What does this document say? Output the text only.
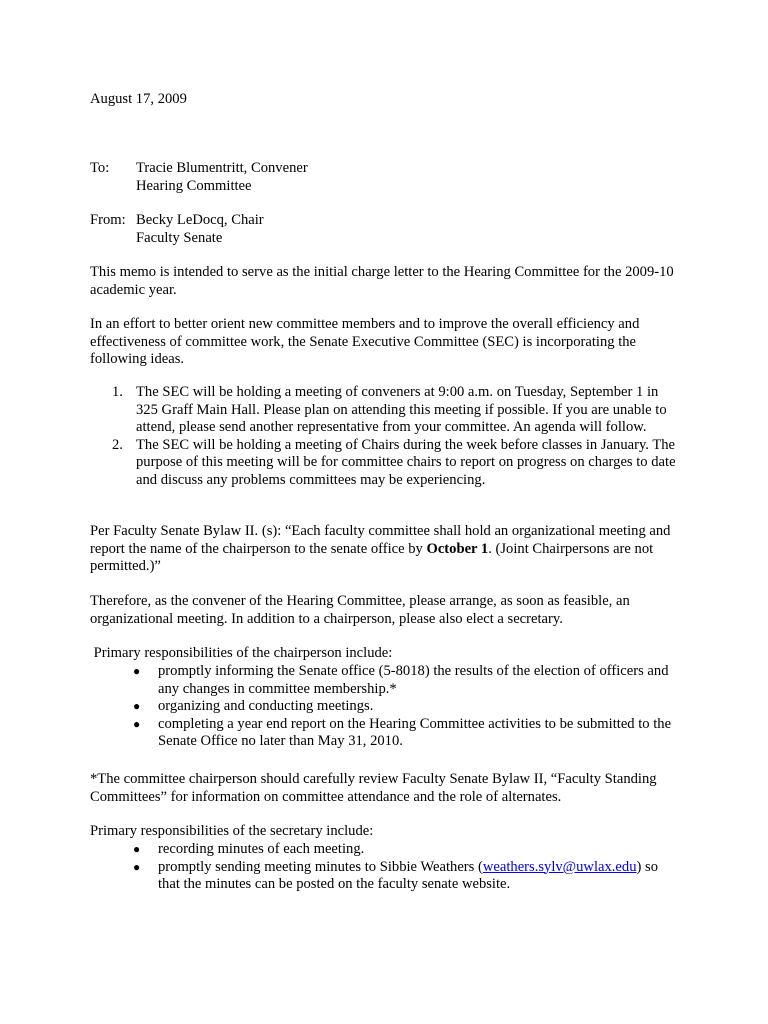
August 17, 2009

To: Tracie Blumentritt, Convener
Hearing Committee
From: Becky LeDocq, Chair
Faculty Senate

This memo is intended to serve as the initial charge letter to the Hearing Committee for the 2009-10 academic year.

In an effort to better orient new committee members and to improve the overall efficiency and effectiveness of committee work, the Senate Executive Committee (SEC) is incorporating the following ideas.

1. The SEC will be holding a meeting of conveners at 9:00 a.m. on Tuesday, September 1 in 325 Graff Main Hall. Please plan on attending this meeting if possible. If you are unable to attend, please send another representative from your committee. An agenda will follow.
2. The SEC will be holding a meeting of Chairs during the week before classes in January. The purpose of this meeting will be for committee chairs to report on progress on charges to date and discuss any problems committees may be experiencing.

Per Faculty Senate Bylaw II. (s): “Each faculty committee shall hold an organizational meeting and report the name of the chairperson to the senate office by October 1. (Joint Chairpersons are not permitted.)”

Therefore, as the convener of the Hearing Committee, please arrange, as soon as feasible, an organizational meeting. In addition to a chairperson, please also elect a secretary.

Primary responsibilities of the chairperson include:

● promptly informing the Senate office (5-8018) the results of the election of officers and any changes in committee membership.*
● organizing and conducting meetings.
● completing a year end report on the Hearing Committee activities to be submitted to the Senate Office no later than May 31, 2010.

*The committee chairperson should carefully review Faculty Senate Bylaw II, “Faculty Standing Committees” for information on committee attendance and the role of alternates.

Primary responsibilities of the secretary include:

● recording minutes of each meeting.
● promptly sending meeting minutes to Sibbie Weathers (weathers.sylv@uwlax.edu) so that the minutes can be posted on the faculty senate website.
